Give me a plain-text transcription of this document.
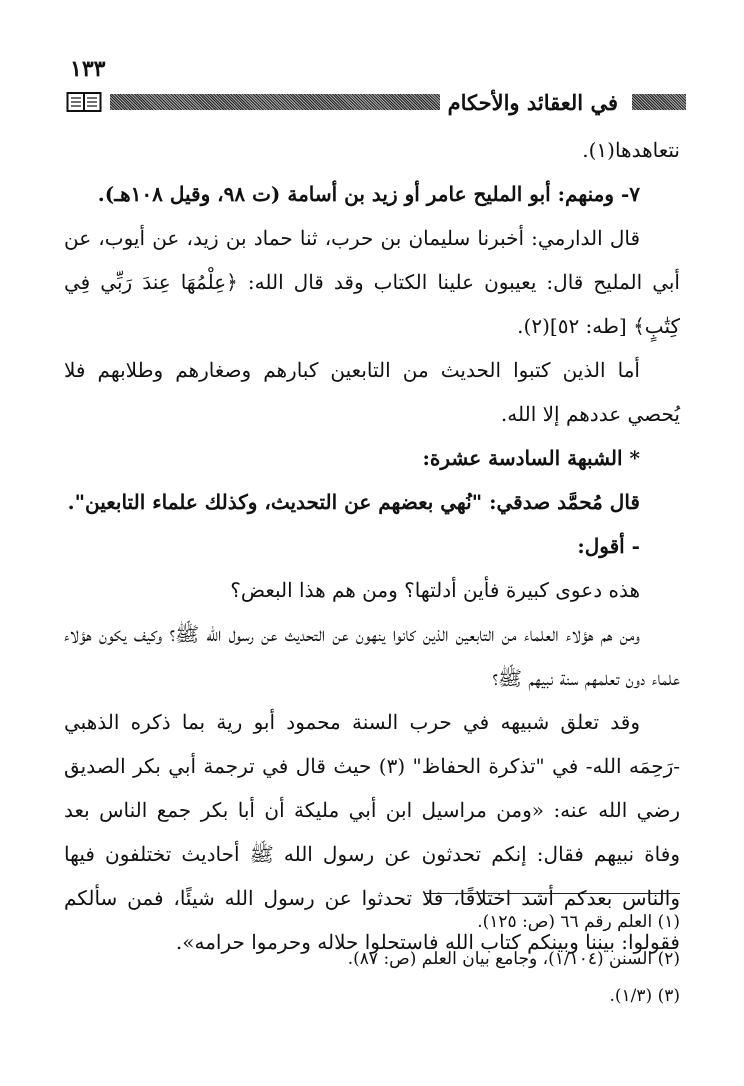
١٣٣
في العقائد والأحكام

نتعاهدها(١).

٧- ومنهم: أبو المليح عامر أو زيد بن أسامة (ت ٩٨، وقيل ١٠٨هـ).

قال الدارمي: أخبرنا سليمان بن حرب، ثنا حماد بن زيد، عن أيوب، عن أبي المليح قال: يعيبون علينا الكتاب وقد قال الله: ﴿عِلْمُهَا عِندَ رَبِّي فِي كِتَٰبٍ﴾ [طه: ٥٢](٢).

أما الذين كتبوا الحديث من التابعين كبارهم وصغارهم وطلابهم فلا يُحصي عددهم إلا الله.

* الشبهة السادسة عشرة:

قال مُحمَّد صدقي: "نُهي بعضهم عن التحديث، وكذلك علماء التابعين".

- أقول:

هذه دعوى كبيرة فأين أدلتها؟ ومن هم هذا البعض؟

ومن هم هؤلاء العلماء من التابعين الذين كانوا ينهون عن التحديث عن رسول الله ﷺ؟ وكيف يكون هؤلاء علماء دون تعلمهم سنة نبيهم ﷺ؟

وقد تعلق شبيهه في حرب السنة محمود أبو رية بما ذكره الذهبي -رَحِمَه الله- في "تذكرة الحفاظ" (٣) حيث قال في ترجمة أبي بكر الصديق رضي الله عنه: «ومن مراسيل ابن أبي مليكة أن أبا بكر جمع الناس بعد وفاة نبيهم فقال: إنكم تحدثون عن رسول الله ﷺ أحاديث تختلفون فيها والناس بعدكم أشد اختلافًا، فلا تحدثوا عن رسول الله شيئًا، فمن سألكم فقولوا: بيننا وبينكم كتاب الله فاستحلوا حلاله وحرموا حرامه».

(١) العلم رقم ٦٦ (ص: ١٢٥).

(٢) السنن (١/١٠٤)، وجامع بيان العلم (ص: ٨٧).

(٣) (١/٣).
